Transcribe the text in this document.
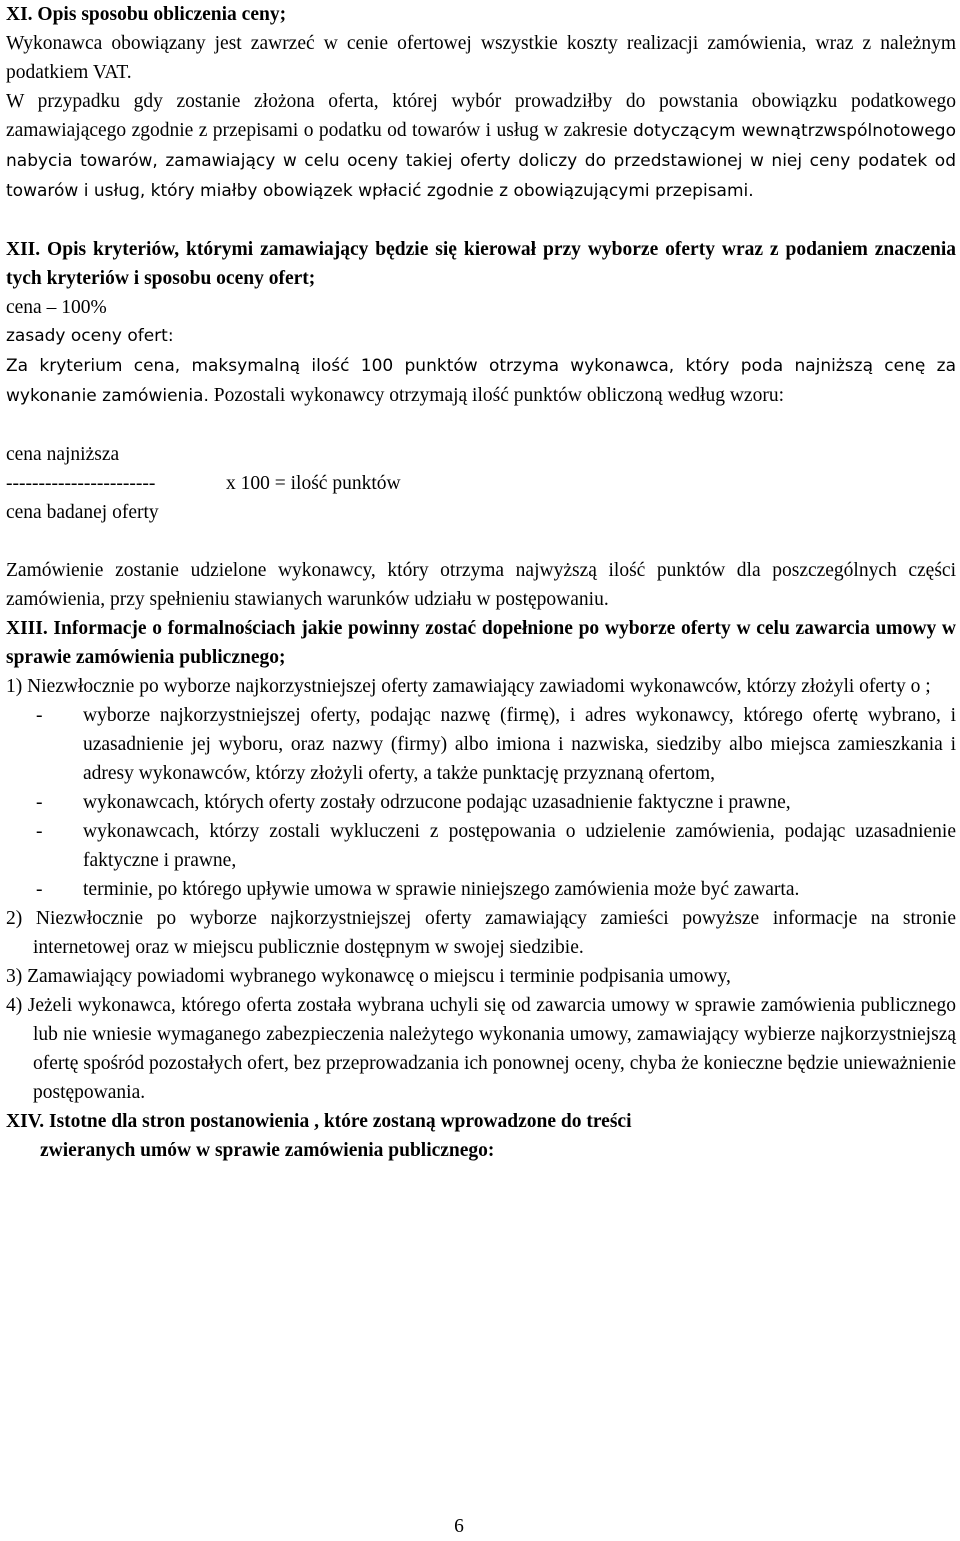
XI. Opis sposobu obliczenia ceny;

Wykonawca obowiązany jest zawrzeć w cenie ofertowej wszystkie koszty realizacji zamówienia, wraz z należnym podatkiem VAT.

W przypadku gdy zostanie złożona oferta, której wybór prowadziłby do powstania obowiązku podatkowego zamawiającego zgodnie z przepisami o podatku od towarów i usług w zakresie dotyczącym wewnątrzwspólnotowego nabycia towarów, zamawiający w celu oceny takiej oferty doliczy do przedstawionej w niej ceny podatek od towarów i usług, który miałby obowiązek wpłacić zgodnie z obowiązującymi przepisami.

XII. Opis kryteriów, którymi zamawiający będzie się kierował przy wyborze oferty wraz z podaniem znaczenia tych kryteriów i sposobu oceny ofert;

cena – 100%

zasady oceny ofert:

Za kryterium cena, maksymalną ilość 100 punktów otrzyma wykonawca, który poda najniższą cenę za wykonanie zamówienia. Pozostali wykonawcy otrzymają ilość punktów obliczoną według wzoru:

cena najniższa

-----------------------	x 100 = ilość punktów

cena badanej oferty

Zamówienie zostanie udzielone wykonawcy, który otrzyma najwyższą ilość punktów dla poszczególnych części zamówienia, przy spełnieniu stawianych warunków udziału w postępowaniu.

XIII. Informacje o formalnościach jakie powinny zostać dopełnione po wyborze oferty w celu zawarcia umowy w sprawie zamówienia publicznego;

1) Niezwłocznie po wyborze najkorzystniejszej oferty zamawiający zawiadomi wykonawców, którzy złożyli oferty o ;

-	wyborze najkorzystniejszej oferty, podając nazwę (firmę), i adres wykonawcy, którego ofertę wybrano, i uzasadnienie jej wyboru, oraz nazwy (firmy) albo imiona i nazwiska, siedziby albo miejsca zamieszkania i adresy wykonawców, którzy złożyli oferty, a także punktację przyznaną ofertom,
-	wykonawcach, których oferty zostały odrzucone podając uzasadnienie faktyczne i prawne,
-	wykonawcach, którzy zostali wykluczeni z postępowania o udzielenie zamówienia, podając uzasadnienie faktyczne i prawne,
-	terminie, po którego upływie umowa w sprawie niniejszego zamówienia może być zawarta.

2) Niezwłocznie po wyborze najkorzystniejszej oferty zamawiający zamieści powyższe informacje na stronie internetowej oraz w miejscu publicznie dostępnym w swojej siedzibie.

3) Zamawiający powiadomi wybranego wykonawcę o miejscu i terminie podpisania umowy,

4) Jeżeli wykonawca, którego oferta została wybrana uchyli się od zawarcia umowy w sprawie zamówienia publicznego lub nie wniesie wymaganego zabezpieczenia należytego wykonania umowy, zamawiający wybierze najkorzystniejszą ofertę spośród pozostałych ofert, bez przeprowadzania ich ponownej oceny, chyba że konieczne będzie unieważnienie postępowania.

XIV. Istotne dla stron postanowienia , które zostaną wprowadzone do treści

zwieranych umów w sprawie zamówienia publicznego:

6
